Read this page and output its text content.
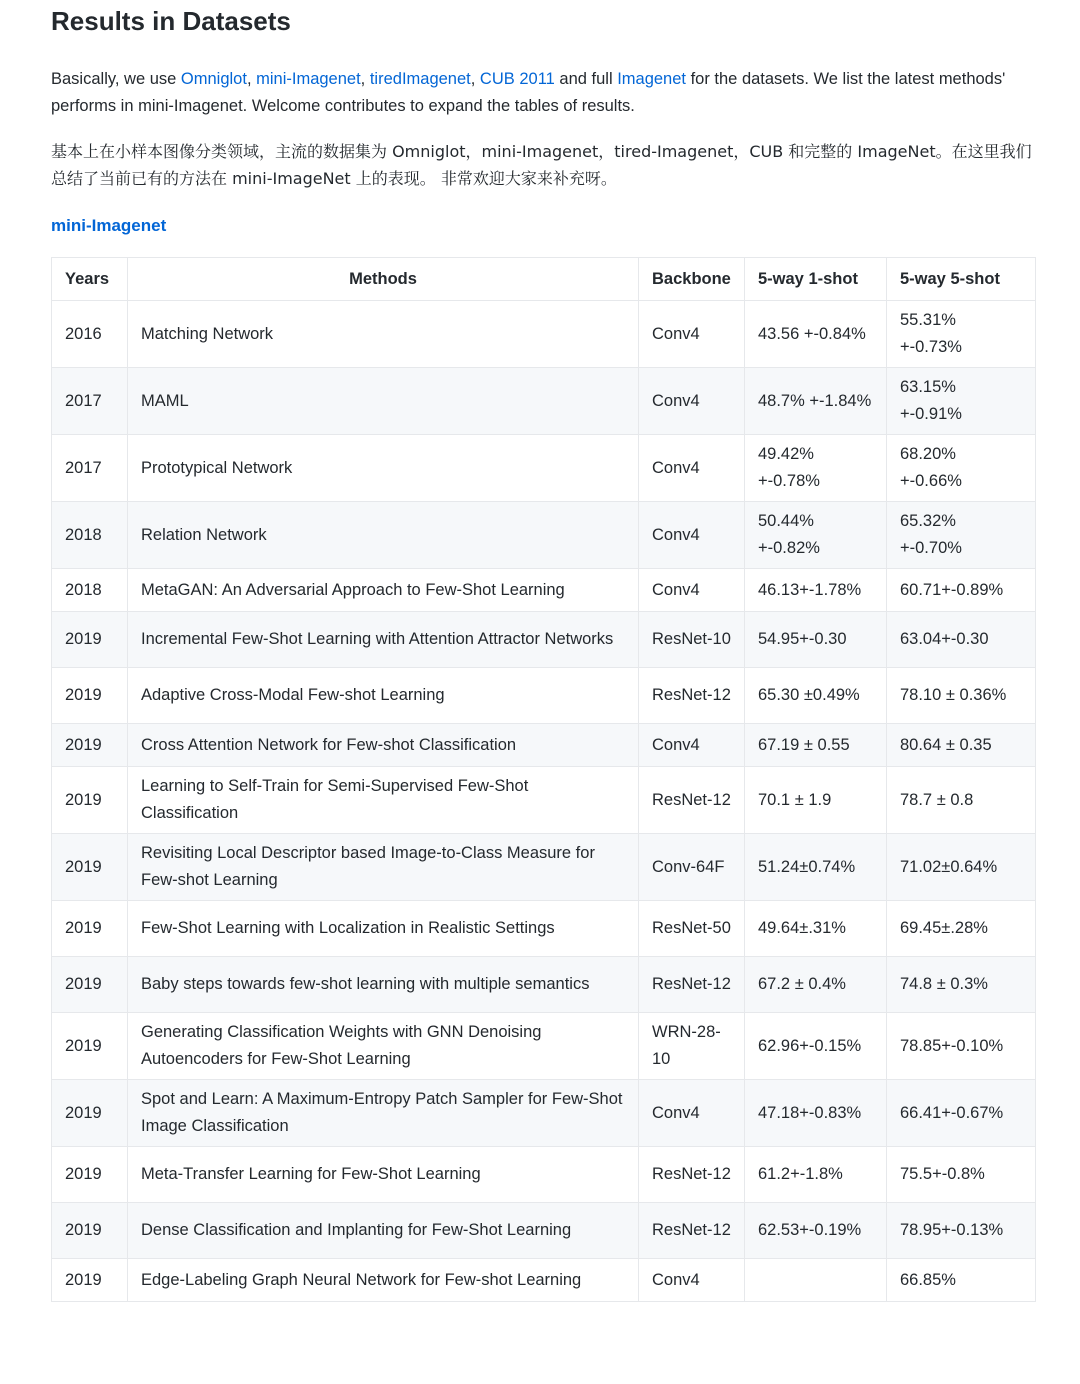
Results in Datasets

Basically, we use Omniglot, mini-Imagenet, tiredImagenet, CUB 2011 and full Imagenet for the datasets. We list the latest methods' performs in mini-Imagenet. Welcome contributes to expand the tables of results.

基本上在小样本图像分类领域，主流的数据集为 Omniglot，mini-Imagenet，tired-Imagenet，CUB 和完整的 ImageNet。在这里我们总结了当前已有的方法在 mini-ImageNet 上的表现。 非常欢迎大家来补充呀。

mini-Imagenet
Years	Methods	Backbone	5-way 1-shot	5-way 5-shot
2016	Matching Network	Conv4	43.56 +-0.84%	55.31% +-0.73%
2017	MAML	Conv4	48.7% +-1.84%	63.15% +-0.91%
2017	Prototypical Network	Conv4	49.42% +-0.78%	68.20% +-0.66%
2018	Relation Network	Conv4	50.44% +-0.82%	65.32% +-0.70%
2018	MetaGAN: An Adversarial Approach to Few-Shot Learning	Conv4	46.13+-1.78%	60.71+-0.89%
2019	Incremental Few-Shot Learning with Attention Attractor Networks	ResNet-10	54.95+-0.30	63.04+-0.30
2019	Adaptive Cross-Modal Few-shot Learning	ResNet-12	65.30 ±0.49%	78.10 ± 0.36%
2019	Cross Attention Network for Few-shot Classification	Conv4	67.19 ± 0.55	80.64 ± 0.35
2019	Learning to Self-Train for Semi-Supervised Few-Shot Classification	ResNet-12	70.1 ± 1.9	78.7 ± 0.8
2019	Revisiting Local Descriptor based Image-to-Class Measure for Few-shot Learning	Conv-64F	51.24±0.74%	71.02±0.64%
2019	Few-Shot Learning with Localization in Realistic Settings	ResNet-50	49.64±.31%	69.45±.28%
2019	Baby steps towards few-shot learning with multiple semantics	ResNet-12	67.2 ± 0.4%	74.8 ± 0.3%
2019	Generating Classification Weights with GNN Denoising Autoencoders for Few-Shot Learning	WRN-28-10	62.96+-0.15%	78.85+-0.10%
2019	Spot and Learn: A Maximum-Entropy Patch Sampler for Few-Shot Image Classification	Conv4	47.18+-0.83%	66.41+-0.67%
2019	Meta-Transfer Learning for Few-Shot Learning	ResNet-12	61.2+-1.8%	75.5+-0.8%
2019	Dense Classification and Implanting for Few-Shot Learning	ResNet-12	62.53+-0.19%	78.95+-0.13%
2019	Edge-Labeling Graph Neural Network for Few-shot Learning	Conv4		66.85%
